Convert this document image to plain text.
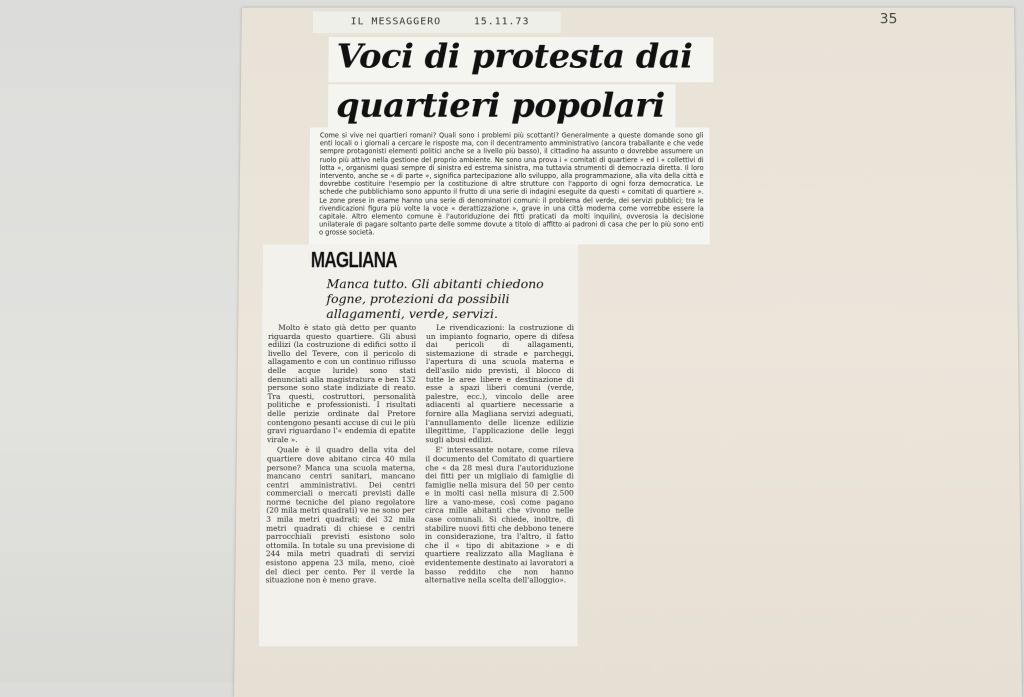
35
IL MESSAGGERO	15.11.73
Voci di protesta dai
quartieri popolari
Come si vive nei quartieri romani? Quali sono i problemi più scottanti? Generalmente a queste domande sono gli enti locali o i giornali a cercare le risposte ma, con il decentramento amministrativo (ancora traballante e che vede sempre protagonisti elementi politici anche se a livello più basso), il cittadino ha assunto o dovrebbe assumere un ruolo più attivo nella gestione del proprio ambiente. Ne sono una prova i « comitati di quartiere » ed i « collettivi di lotta », organismi quasi sempre di sinistra ed estrema sinistra, ma tuttavia strumenti di democrazia diretta. Il loro intervento, anche se « di parte », significa partecipazione allo sviluppo, alla programmazione, alla vita della città e dovrebbe costituire l'esempio per la costituzione di altre strutture con l'apporto di ogni forza democratica. Le schede che pubblichiamo sono appunto il frutto di una serie di indagini eseguite da questi « comitati di quartiere ». Le zone prese in esame hanno una serie di denominatori comuni: il problema del verde, dei servizi pubblici; tra le rivendicazioni figura più volte la voce « derattizzazione », grave in una città moderna come vorrebbe essere la capitale. Altro elemento comune è l'autoriduzione dei fitti praticati da molti inquilini, ovverosia la decisione unilaterale di pagare soltanto parte delle somme dovute a titolo di affitto ai padroni di casa che per lo più sono enti o grosse società.
MAGLIANA
Manca tutto. Gli abitanti chiedono fogne, protezioni da possibili allagamenti, verde, servizi.

Molto è stato già detto per quanto riguarda questo quartiere. Gli abusi edilizi (la costruzione di edifici sotto il livello del Tevere, con il pericolo di allagamento e con un continuo riflusso delle acque luride) sono stati denunciati alla magistratura e ben 132 persone sono state indiziate di reato. Tra questi, costruttori, personalità politiche e professionisti. I risultati delle perizie ordinate dal Pretore contengono pesanti accuse di cui le più gravi riguardano l'« endemia di epatite virale ».

Quale è il quadro della vita del quartiere dove abitano circa 40 mila persone? Manca una scuola materna, mancano centri sanitari, mancano centri amministrativi. Dei centri commerciali o mercati previsti dalle norme tecniche del piano regolatore (20 mila metri quadrati) ve ne sono per 3 mila metri quadrati; dei 32 mila metri quadrati di chiese e centri parrocchiali previsti esistono solo ottomila. In totale su una previsione di 244 mila metri quadrati di servizi esistono appena 23 mila, meno, cioè del dieci per cento. Per il verde la situazione non è meno grave.

Le rivendicazioni: la costruzione di un impianto fognario, opere di difesa dai pericoli di allagamenti, sistemazione di strade e parcheggi, l'apertura di una scuola materna e dell'asilo nido previsti, il blocco di tutte le aree libere e destinazione di esse a spazi liberi comuni (verde, palestre, ecc.), vincolo delle aree adiacenti al quartiere necessarie a fornire alla Magliana servizi adeguati, l'annullamento delle licenze edilizie illegittime, l'applicazione delle leggi sugli abusi edilizi.

E' interessante notare, come rileva il documento del Comitato di quartiere che « da 28 mesi dura l'autoriduzione dei fitti per un migliaio di famiglie di famiglie nella misura del 50 per cento e in molti casi nella misura di 2.500 lire a vano-mese, così come pagano circa mille abitanti che vivono nelle case comunali. Si chiede, inoltre, di stabilire nuovi fitti che debbono tenere in considerazione, tra l'altro, il fatto che il « tipo di abitazione » e di quartiere realizzato alla Magliana è evidentemente destinato ai lavoratori a basso reddito che non hanno alternative nella scelta dell'alloggio».
